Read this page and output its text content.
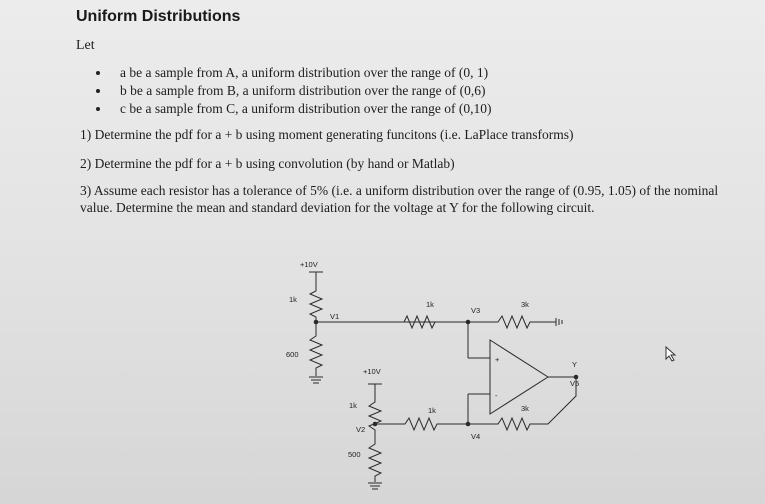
Uniform Distributions
Let
a be a sample from A, a uniform distribution over the range of (0, 1)
b be a sample from B, a uniform distribution over the range of (0,6)
c be a sample from C, a uniform distribution over the range of (0,10)
1) Determine the pdf for a + b using moment generating funcitons (i.e. LaPlace transforms)
2) Determine the pdf for a + b using convolution (by hand or Matlab)
3) Assume each resistor has a tolerance of 5% (i.e. a uniform distribution over the range of (0.95, 1.05) of the nominal value. Determine the mean and standard deviation for the voltage at Y for the following circuit.
+10V
1k
600
V1
1k
V3
3k
+
-
Y
V5
+10V
1k
V2
500
1k
V4
3k
